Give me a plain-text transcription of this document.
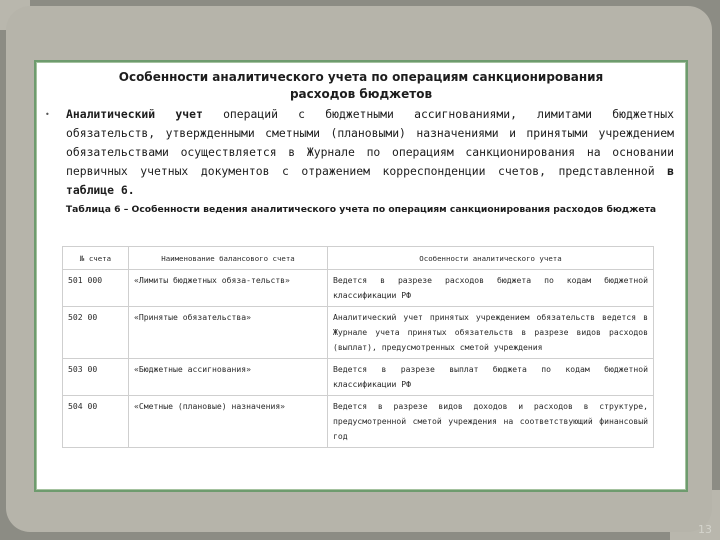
Особенности аналитического учета по операциям санкционирования
расходов бюджетов
• Аналитический учет операций с бюджетными ассигнованиями, лимитами бюджетных обязательств, утвержденными сметными (плановыми) назначениями и принятыми учреждением обязательствами осуществляется в Журнале по операциям санкционирования на основании первичных учетных документов с отражением корреспонденции счетов, представленной в таблице 6.
Таблица 6 – Особенности ведения аналитического учета по операциям санкционирования расходов бюджета
№ счета	Наименование балансового счета	Особенности аналитического учета
501 000	«Лимиты бюджетных обяза-тельств»	Ведется в разрезе расходов бюджета по кодам бюджетной классификации РФ
502 00	«Принятые обязательства»	Аналитический учет принятых учреждением обязательств ведется в Журнале учета принятых обязательств в разрезе видов расходов (выплат), предусмотренных сметой учреждения
503 00	«Бюджетные ассигнования»	Ведется в разрезе выплат бюджета по кодам бюджетной классификации РФ
504 00	«Сметные (плановые) назначения»	Ведется в разрезе видов доходов и расходов в структуре, предусмотренной сметой учреждения на соответствующий финансовый год
13
